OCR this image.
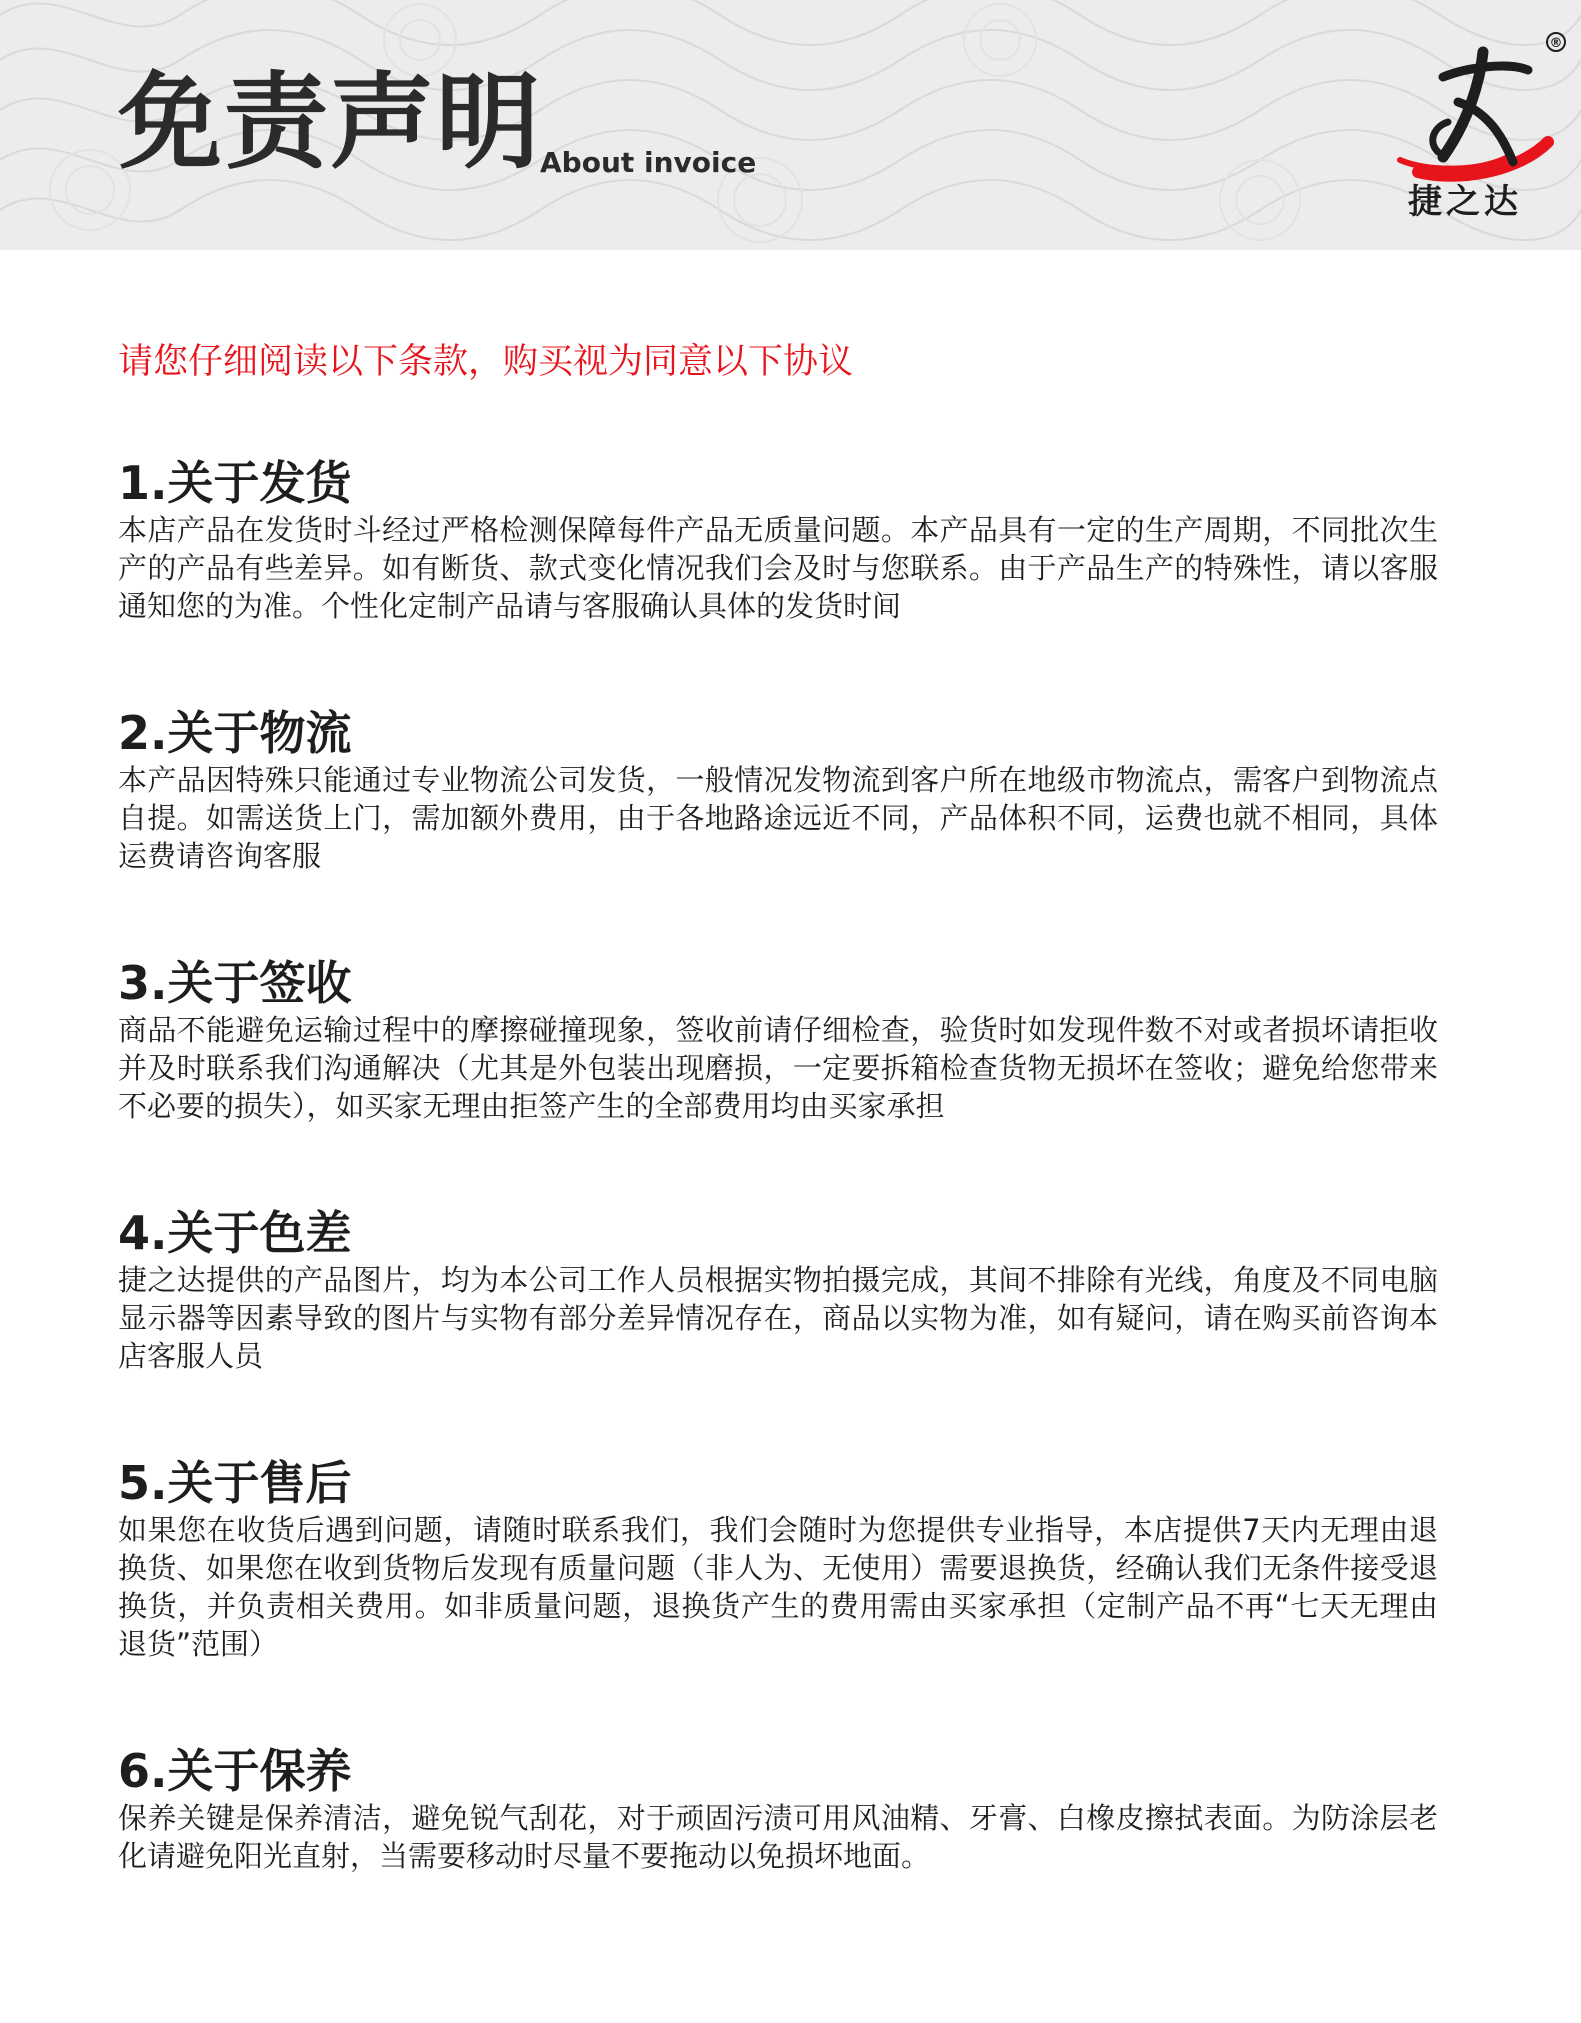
免责声明
About invoice
®
捷之达
请您仔细阅读以下条款，购买视为同意以下协议
1.关于发货

本店产品在发货时斗经过严格检测保障每件产品无质量问题。本产品具有一定的生产周期，不同批次生产的产品有些差异。如有断货、款式变化情况我们会及时与您联系。由于产品生产的特殊性，请以客服通知您的为准。个性化定制产品请与客服确认具体的发货时间

2.关于物流

本产品因特殊只能通过专业物流公司发货，一般情况发物流到客户所在地级市物流点，需客户到物流点自提。如需送货上门，需加额外费用，由于各地路途远近不同，产品体积不同，运费也就不相同，具体运费请咨询客服

3.关于签收

商品不能避免运输过程中的摩擦碰撞现象，签收前请仔细检查，验货时如发现件数不对或者损坏请拒收并及时联系我们沟通解决（尤其是外包装出现磨损，一定要拆箱检查货物无损坏在签收；避免给您带来不必要的损失），如买家无理由拒签产生的全部费用均由买家承担

4.关于色差

捷之达提供的产品图片，均为本公司工作人员根据实物拍摄完成，其间不排除有光线，角度及不同电脑显示器等因素导致的图片与实物有部分差异情况存在，商品以实物为准，如有疑问，请在购买前咨询本店客服人员

5.关于售后

如果您在收货后遇到问题，请随时联系我们，我们会随时为您提供专业指导，本店提供7天内无理由退换货、如果您在收到货物后发现有质量问题（非人为、无使用）需要退换货，经确认我们无条件接受退换货，并负责相关费用。如非质量问题，退换货产生的费用需由买家承担（定制产品不再“七天无理由退货”范围）

6.关于保养

保养关键是保养清洁，避免锐气刮花，对于顽固污渍可用风油精、牙膏、白橡皮擦拭表面。为防涂层老化请避免阳光直射，当需要移动时尽量不要拖动以免损坏地面。
